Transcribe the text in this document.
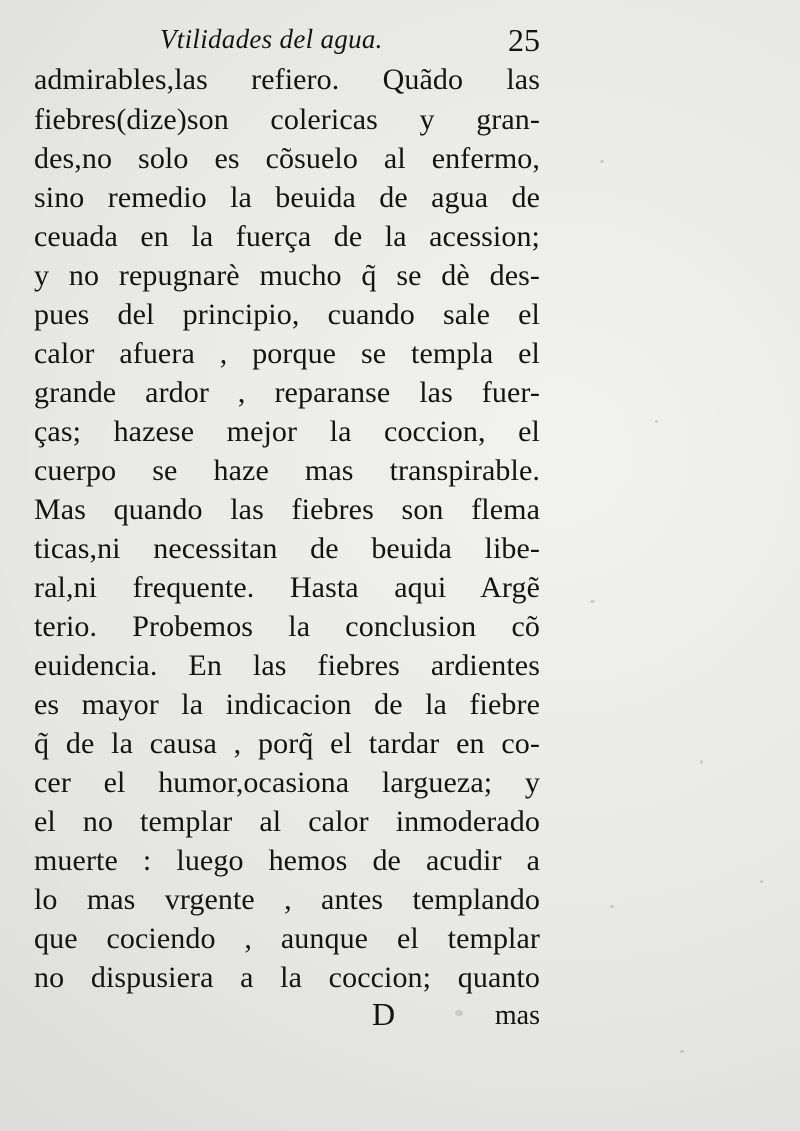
Vtilidades del agua.	25
admirables,las refiero. Quãdo las
fiebres(dize)son colericas y gran-
des,no solo es cõsuelo al enfermo,
sino remedio la beuida de agua de
ceuada en la fuerça de la acession;
y no repugnarè mucho q̃ se dè des-
pues del principio, cuando sale el
calor afuera , porque se templa el
grande ardor , reparanse las fuer-
ças; hazese mejor la coccion, el
cuerpo se haze mas transpirable.
Mas quando las fiebres son flema
ticas,ni necessitan de beuida libe-
ral,ni frequente. Hasta aqui Argẽ
terio. Probemos la conclusion cõ
euidencia. En las fiebres ardientes
es mayor la indicacion de la fiebre
q̃ de la causa , porq̃ el tardar en co-
cer el humor,ocasiona largueza; y
el no templar al calor inmoderado
muerte : luego hemos de acudir a
lo mas vrgente , antes templando
que cociendo , aunque el templar
no dispusiera a la coccion; quanto
D	mas
